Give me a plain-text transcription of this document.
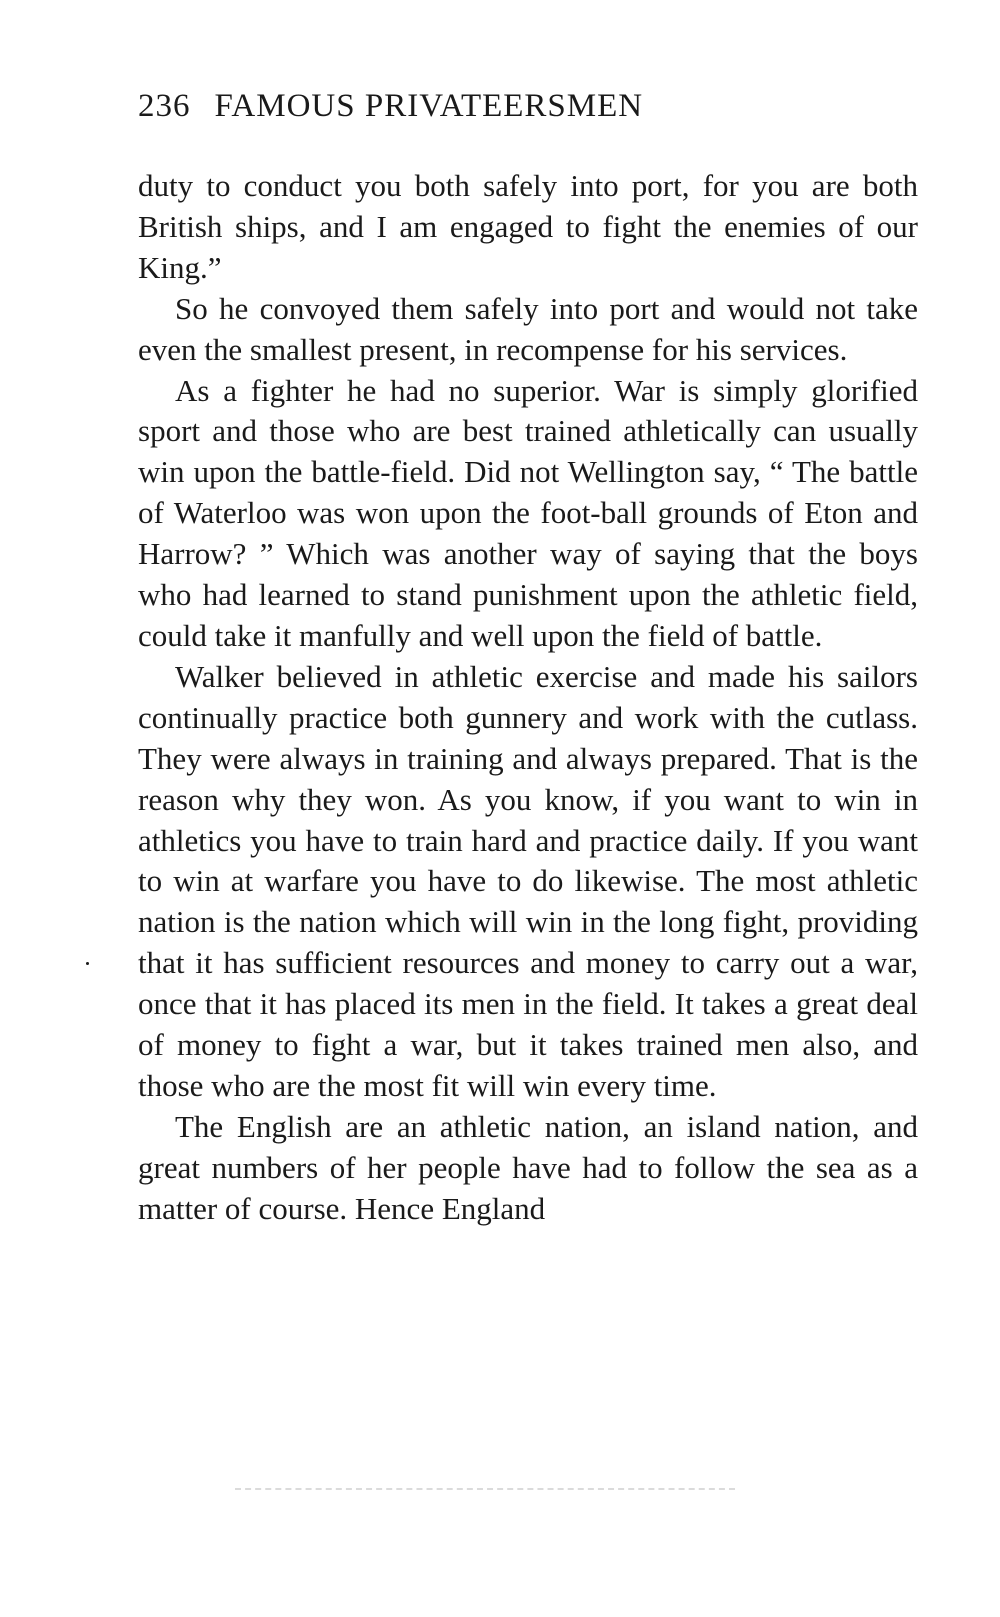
236 FAMOUS PRIVATEERSMEN

duty to conduct you both safely into port, for you are both British ships, and I am engaged to fight the enemies of our King.”

So he convoyed them safely into port and would not take even the smallest present, in recompense for his services.

As a fighter he had no superior. War is simply glorified sport and those who are best trained athletically can usually win upon the battle-field. Did not Wellington say, “ The battle of Waterloo was won upon the foot-ball grounds of Eton and Harrow? ” Which was another way of saying that the boys who had learned to stand punishment upon the athletic field, could take it manfully and well upon the field of battle.

Walker believed in athletic exercise and made his sailors continually practice both gunnery and work with the cutlass. They were always in training and always prepared. That is the reason why they won. As you know, if you want to win in athletics you have to train hard and practice daily. If you want to win at warfare you have to do likewise. The most athletic nation is the nation which will win in the long fight, providing that it has sufficient resources and money to carry out a war, once that it has placed its men in the field. It takes a great deal of money to fight a war, but it takes trained men also, and those who are the most fit will win every time.

The English are an athletic nation, an island nation, and great numbers of her people have had to follow the sea as a matter of course. Hence England
